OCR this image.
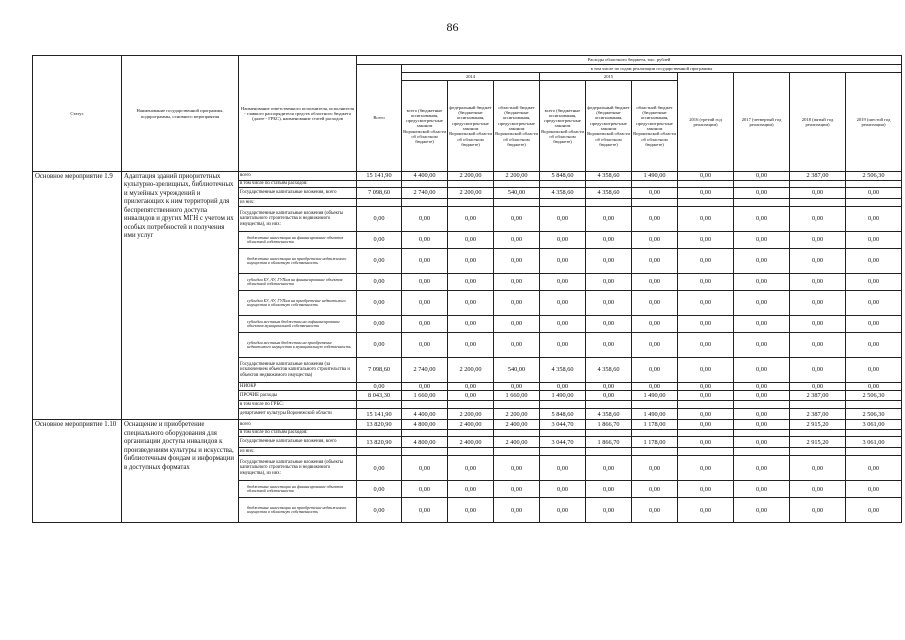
86
Статус	Наименование государственной программы, подпрограммы, основного мероприятия	Наименование ответственного исполнителя, исполнителя - главного распорядителя средств областного бюджета (далее - ГРБС), наименование статей расходов	Расходы областного бюджета, тыс. рублей										
			Всего	в том числе по годам реализации государственной программы									
				2014			2015			2016 (третий год реализации)	2017 (четвертый год реализации)	2018 (пятый год реализации)	2019 (шестой год реализации)
				всего (бюджетные ассигнования, предусмотрен-ные законом Воронежской области об областном бюджете)	федеральный бюджет (бюджетные ассигнования, предусмотрен-ные законом Воронежской области об областном бюджете)	областной бюджет (бюджетные ассигнования, предусмотрен-ные законом Воронежской области об областном бюджете)	всего (бюджетные ассигнования, предусмотрен-ные законом Воронежской области об областном бюджете)	федеральный бюджет (бюджетные ассигнования, предусмотрен-ные законом Воронежской области об областном бюджете)	областной бюджет (бюджетные ассигнования, предусмотрен-ные законом Воронежской области об областном бюджете)				
Основное мероприятие 1.9	Адаптация зданий приоритетных культурно-зрелищных, библиотечных и музейных учреждений и прилегающих к ним территорий для беспрепятственного доступа инвалидов и других МГН с учетом их особых потребностей и получения ими услуг	всего	15 141,90	4 400,00	2 200,00	2 200,00	5 848,60	4 358,60	1 490,00	0,00	0,00	2 387,00	2 506,30
		в том числе по статьям расходов:											
		Государственные капитальные вложения, всего	7 098,60	2 740,00	2 200,00	540,00	4 358,60	4 358,60	0,00	0,00	0,00	0,00	0,00
		из них:											
		Государственные капитальные вложения (объекты капитального строительства и недвижимого имущества), из них:	0,00	0,00	0,00	0,00	0,00	0,00	0,00	0,00	0,00	0,00	0,00
		бюджетные инвестиции на финансирование объектов областной собственности	0,00	0,00	0,00	0,00	0,00	0,00	0,00	0,00	0,00	0,00	0,00
		бюджетные инвестиции на приобретение недвижимого имущества в областную собственность	0,00	0,00	0,00	0,00	0,00	0,00	0,00	0,00	0,00	0,00	0,00
		субсидии БУ, АУ, ГУПам на финансирование объектов областной собственности	0,00	0,00	0,00	0,00	0,00	0,00	0,00	0,00	0,00	0,00	0,00
		субсидии БУ, АУ, ГУПам на приобретение недвижимого имущества в областную собственность	0,00	0,00	0,00	0,00	0,00	0,00	0,00	0,00	0,00	0,00	0,00
		субсидии местным бюджетам на софинансирование объектов муниципальной собственности	0,00	0,00	0,00	0,00	0,00	0,00	0,00	0,00	0,00	0,00	0,00
		субсидии местным бюджетам на приобретение недвижимого имущества в муниципальную собственность	0,00	0,00	0,00	0,00	0,00	0,00	0,00	0,00	0,00	0,00	0,00
		Государственные капитальные вложения (за исключением объектов капитального строительства и объектов недвижимого имущества)	7 098,60	2 740,00	2 200,00	540,00	4 358,60	4 358,60	0,00	0,00	0,00	0,00	0,00
		НИОКР	0,00	0,00	0,00	0,00	0,00	0,00	0,00	0,00	0,00	0,00	0,00
		ПРОЧИЕ расходы	8 043,30	1 660,00	0,00	1 660,00	1 490,00	0,00	1 490,00	0,00	0,00	2 387,00	2 506,30
		в том числе по ГРБС:											
		департамент культуры Воронежской области	15 141,90	4 400,00	2 200,00	2 200,00	5 848,60	4 358,60	1 490,00	0,00	0,00	2 387,00	2 506,30
Основное мероприятие 1.10	Оснащение и приобретение специального оборудования для организации доступа инвалидов к произведениям культуры и искусства, библиотечным фондам и информации в доступных форматах	всего	13 820,90	4 800,00	2 400,00	2 400,00	3 044,70	1 866,70	1 178,00	0,00	0,00	2 915,20	3 061,00
		в том числе по статьям расходов:											
		Государственные капитальные вложения, всего	13 820,90	4 800,00	2 400,00	2 400,00	3 044,70	1 866,70	1 178,00	0,00	0,00	2 915,20	3 061,00
		из них:											
		Государственные капитальные вложения (объекты капитального строительства и недвижимого имущества), из них:	0,00	0,00	0,00	0,00	0,00	0,00	0,00	0,00	0,00	0,00	0,00
		бюджетные инвестиции на финансирование объектов областной собственности	0,00	0,00	0,00	0,00	0,00	0,00	0,00	0,00	0,00	0,00	0,00
		бюджетные инвестиции на приобретение недвижимого имущества в областную собственность	0,00	0,00	0,00	0,00	0,00	0,00	0,00	0,00	0,00	0,00	0,00
